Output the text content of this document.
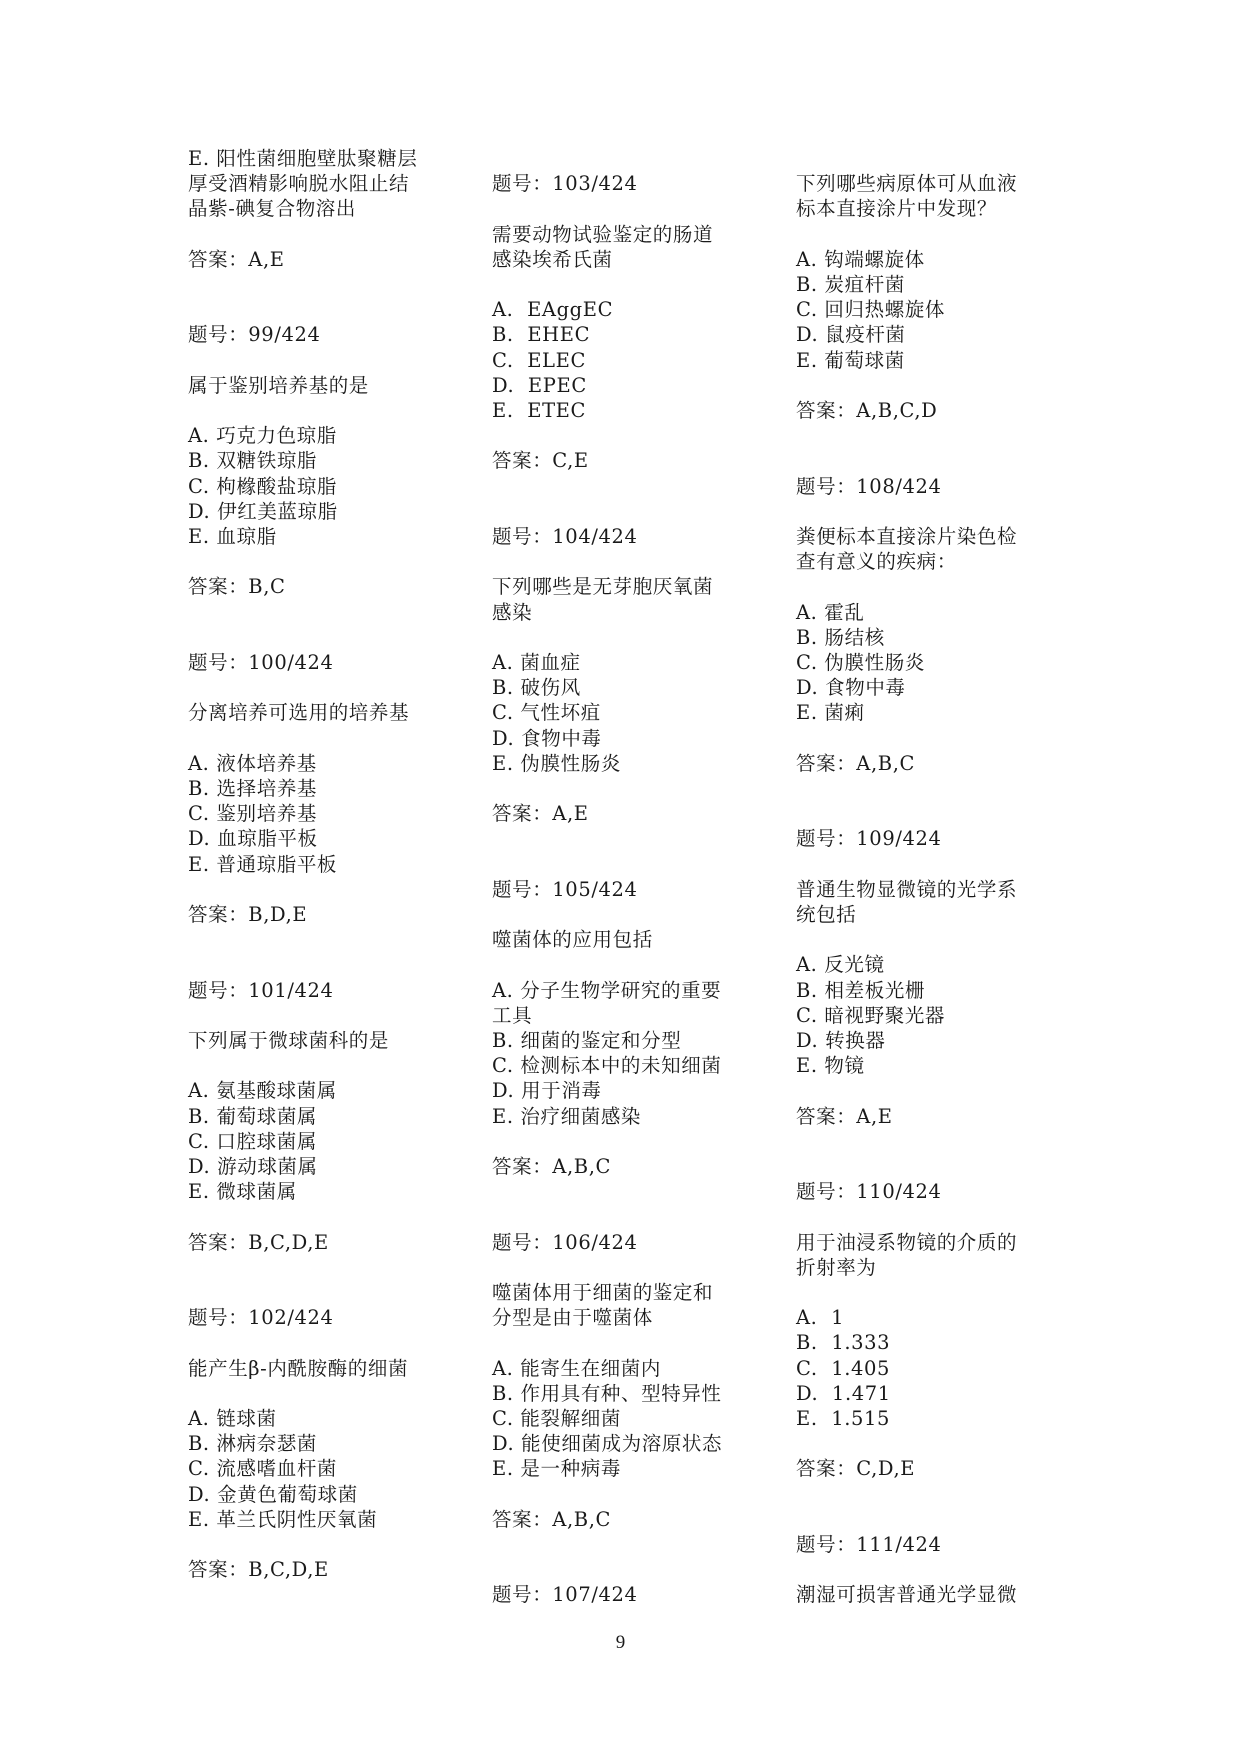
E. 阳性菌细胞壁肽聚糖层
厚受酒精影响脱水阻止结
晶紫-碘复合物溶出
答案：A,E
题号：99/424
属于鉴别培养基的是
A. 巧克力色琼脂
B. 双糖铁琼脂
C. 枸橼酸盐琼脂
D. 伊红美蓝琼脂
E. 血琼脂
答案：B,C
题号：100/424
分离培养可选用的培养基
A. 液体培养基
B. 选择培养基
C. 鉴别培养基
D. 血琼脂平板
E. 普通琼脂平板
答案：B,D,E
题号：101/424
下列属于微球菌科的是
A. 氨基酸球菌属
B. 葡萄球菌属
C. 口腔球菌属
D. 游动球菌属
E. 微球菌属
答案：B,C,D,E
题号：102/424
能产生β-内酰胺酶的细菌
A. 链球菌
B. 淋病奈瑟菌
C. 流感嗜血杆菌
D. 金黄色葡萄球菌
E. 革兰氏阴性厌氧菌
答案：B,C,D,E
题号：103/424
需要动物试验鉴定的肠道
感染埃希氏菌
A.  EAggEC
B.  EHEC
C.  ELEC
D.  EPEC
E.  ETEC
答案：C,E
题号：104/424
下列哪些是无芽胞厌氧菌
感染
A. 菌血症
B. 破伤风
C. 气性坏疽
D. 食物中毒
E. 伪膜性肠炎
答案：A,E
题号：105/424
噬菌体的应用包括
A. 分子生物学研究的重要
工具
B. 细菌的鉴定和分型
C. 检测标本中的未知细菌
D. 用于消毒
E. 治疗细菌感染
答案：A,B,C
题号：106/424
噬菌体用于细菌的鉴定和
分型是由于噬菌体
A. 能寄生在细菌内
B. 作用具有种、型特异性
C. 能裂解细菌
D. 能使细菌成为溶原状态
E. 是一种病毒
答案：A,B,C
题号：107/424
下列哪些病原体可从血液
标本直接涂片中发现？
A. 钩端螺旋体
B. 炭疽杆菌
C. 回归热螺旋体
D. 鼠疫杆菌
E. 葡萄球菌
答案：A,B,C,D
题号：108/424
粪便标本直接涂片染色检
查有意义的疾病：
A. 霍乱
B. 肠结核
C. 伪膜性肠炎
D. 食物中毒
E. 菌痢
答案：A,B,C
题号：109/424
普通生物显微镜的光学系
统包括
A. 反光镜
B. 相差板光栅
C. 暗视野聚光器
D. 转换器
E. 物镜
答案：A,E
题号：110/424
用于油浸系物镜的介质的
折射率为
A.  1
B.  1.333
C.  1.405
D.  1.471
E.  1.515
答案：C,D,E
题号：111/424
潮湿可损害普通光学显微
9
